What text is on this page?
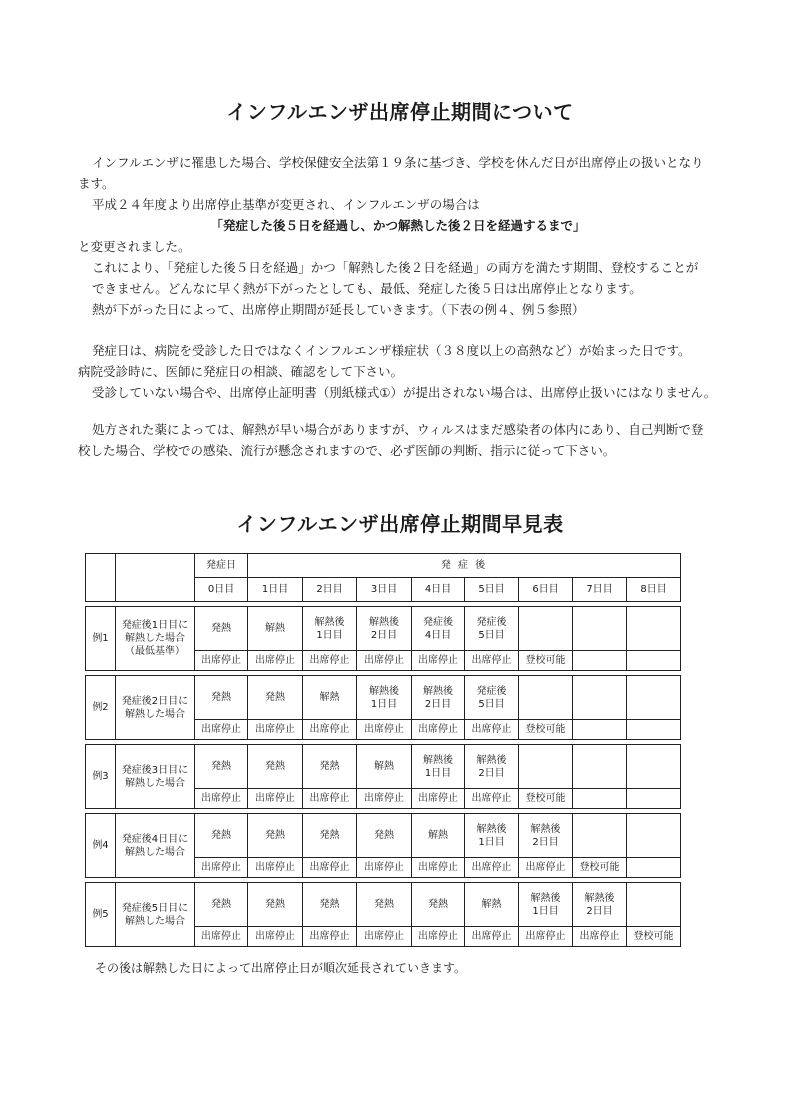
インフルエンザ出席停止期間について

インフルエンザに罹患した場合、学校保健安全法第１９条に基づき、学校を休んだ日が出席停止の扱いとなり

ます。

平成２４年度より出席停止基準が変更され、インフルエンザの場合は

「発症した後５日を経過し、かつ解熱した後２日を経過するまで」

と変更されました。

これにより、「発症した後５日を経過」かつ「解熱した後２日を経過」の両方を満たす期間、登校することが

できません。どんなに早く熱が下がったとしても、最低、発症した後５日は出席停止となります。

熱が下がった日によって、出席停止期間が延長していきます。（下表の例４、例５参照）

発症日は、病院を受診した日ではなくインフルエンザ様症状（３８度以上の高熱など）が始まった日です。

病院受診時に、医師に発症日の相談、確認をして下さい。

受診していない場合や、出席停止証明書（別紙様式①）が提出されない場合は、出席停止扱いにはなりません。

処方された薬によっては、解熱が早い場合がありますが、ウィルスはまだ感染者の体内にあり、自己判断で登

校した場合、学校での感染、流行が懸念されますので、必ず医師の判断、指示に従って下さい。

インフルエンザ出席停止期間早見表
		発症日	発 症 後							
		0日目	1日目	2日目	3日目	4日目	5日目	6日目	7日目	8日目

例1	発症後1日目に
解熱した場合
（最低基準）	発熱	解熱	解熱後
1日目	解熱後
2日目	発症後
4日目	発症後
5日目			
		出席停止	出席停止	出席停止	出席停止	出席停止	出席停止	登校可能		

例2	発症後2日目に
解熱した場合	発熱	発熱	解熱	解熱後
1日目	解熱後
2日目	発症後
5日目			
		出席停止	出席停止	出席停止	出席停止	出席停止	出席停止	登校可能		

例3	発症後3日目に
解熱した場合	発熱	発熱	発熱	解熱	解熱後
1日目	解熱後
2日目			
		出席停止	出席停止	出席停止	出席停止	出席停止	出席停止	登校可能		

例4	発症後4日目に
解熱した場合	発熱	発熱	発熱	発熱	解熱	解熱後
1日目	解熱後
2日目		
		出席停止	出席停止	出席停止	出席停止	出席停止	出席停止	出席停止	登校可能	

例5	発症後5日目に
解熱した場合	発熱	発熱	発熱	発熱	発熱	解熱	解熱後
1日目	解熱後
2日目	
		出席停止	出席停止	出席停止	出席停止	出席停止	出席停止	出席停止	出席停止	登校可能
その後は解熱した日によって出席停止日が順次延長されていきます。
